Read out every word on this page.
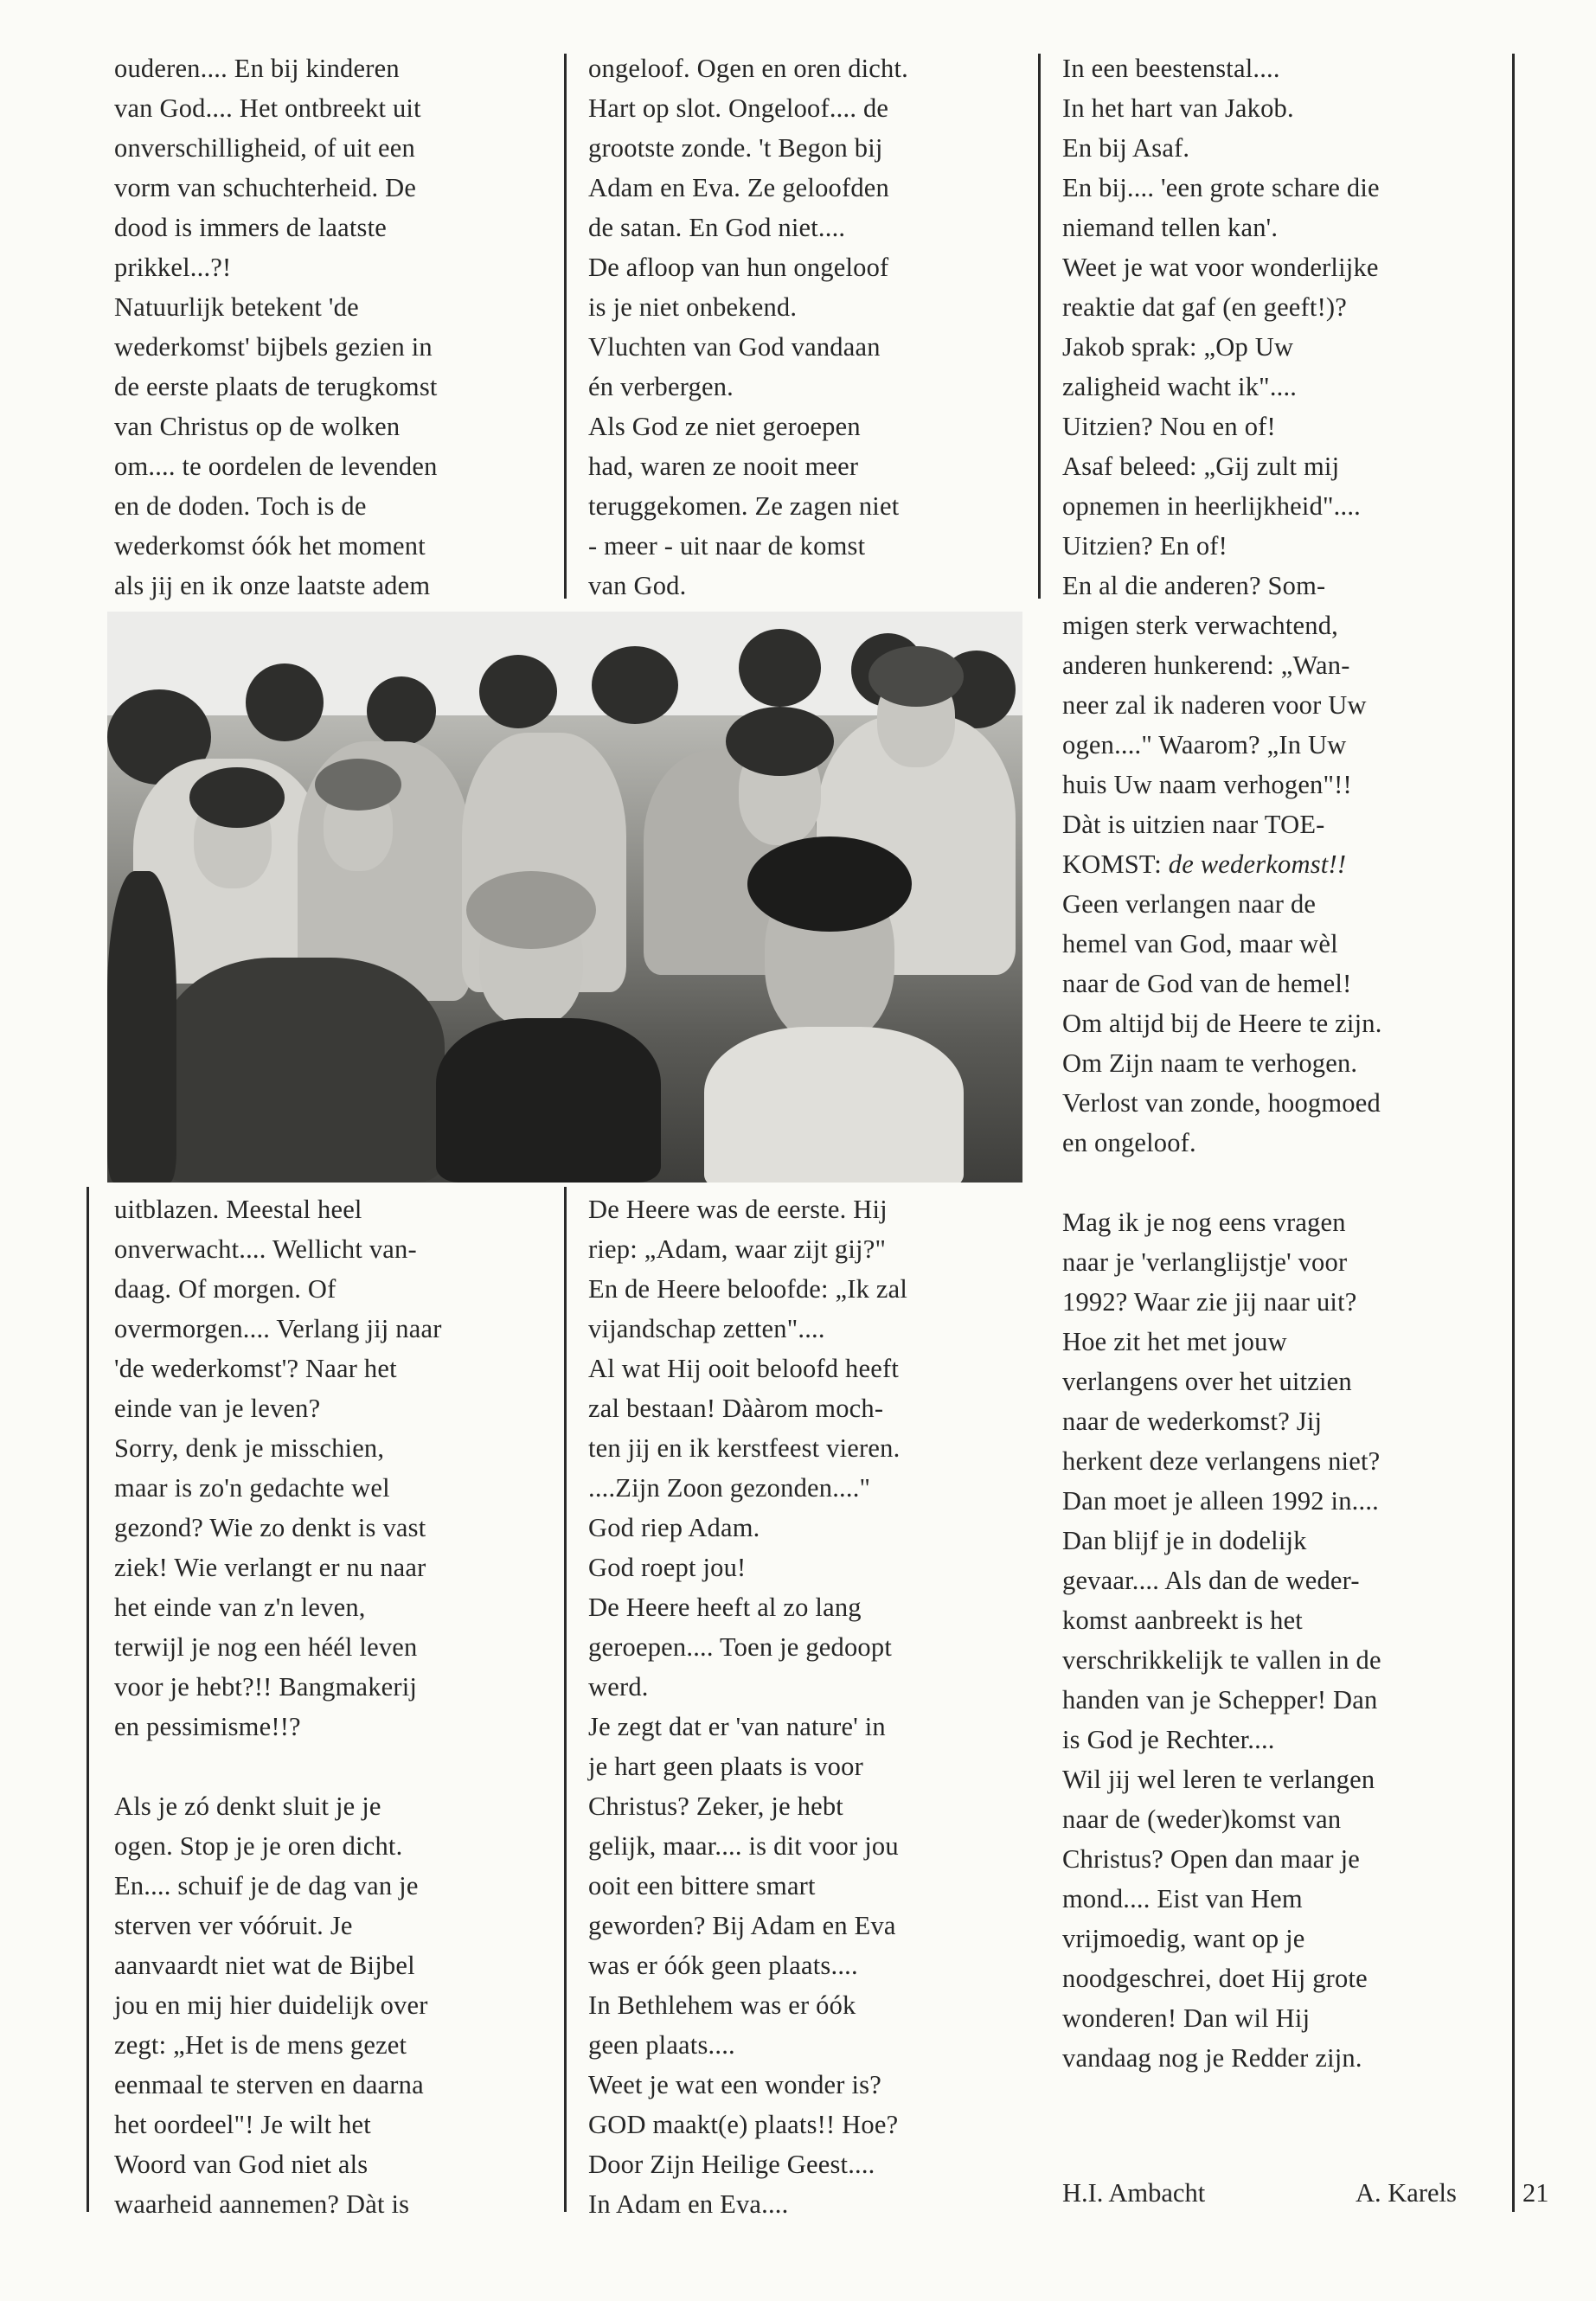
ouderen.... En bij kinderen
van God.... Het ontbreekt uit
onverschilligheid, of uit een
vorm van schuchterheid. De
dood is immers de laatste
prikkel...?!
Natuurlijk betekent 'de
wederkomst' bijbels gezien in
de eerste plaats de terugkomst
van Christus op de wolken
om.... te oordelen de levenden
en de doden. Toch is de
wederkomst óók het moment
als jij en ik onze laatste adem

ongeloof. Ogen en oren dicht.
Hart op slot. Ongeloof.... de
grootste zonde. 't Begon bij
Adam en Eva. Ze geloofden
de satan. En God niet....
De afloop van hun ongeloof
is je niet onbekend.
Vluchten van God vandaan
én verbergen.
Als God ze niet geroepen
had, waren ze nooit meer
teruggekomen. Ze zagen niet
- meer - uit naar de komst
van God.

In een beestenstal....
In het hart van Jakob.
En bij Asaf.
En bij.... 'een grote schare die
niemand tellen kan'.
Weet je wat voor wonderlijke
reaktie dat gaf (en geeft!)?
Jakob sprak: „Op Uw
zaligheid wacht ik"....
Uitzien? Nou en of!
Asaf beleed: „Gij zult mij
opnemen in heerlijkheid"....
Uitzien? En of!
En al die anderen? Som-
migen sterk verwachtend,
anderen hunkerend: „Wan-
neer zal ik naderen voor Uw
ogen...." Waarom? „In Uw
huis Uw naam verhogen"!!
Dàt is uitzien naar TOE-
KOMST: de wederkomst!!

Geen verlangen naar de
hemel van God, maar wèl
naar de God van de hemel!
Om altijd bij de Heere te zijn.
Om Zijn naam te verhogen.
Verlost van zonde, hoogmoed
en ongeloof.

Mag ik je nog eens vragen
naar je 'verlanglijstje' voor
1992? Waar zie jij naar uit?
Hoe zit het met jouw
verlangens over het uitzien
naar de wederkomst? Jij
herkent deze verlangens niet?
Dan moet je alleen 1992 in....
Dan blijf je in dodelijk
gevaar.... Als dan de weder-
komst aanbreekt is het
verschrikkelijk te vallen in de
handen van je Schepper! Dan
is God je Rechter....
Wil jij wel leren te verlangen
naar de (weder)komst van
Christus? Open dan maar je
mond.... Eist van Hem
vrijmoedig, want op je
noodgeschrei, doet Hij grote
wonderen! Dan wil Hij
vandaag nog je Redder zijn.

uitblazen. Meestal heel
onverwacht.... Wellicht van-
daag. Of morgen. Of
overmorgen.... Verlang jij naar
'de wederkomst'? Naar het
einde van je leven?
Sorry, denk je misschien,
maar is zo'n gedachte wel
gezond? Wie zo denkt is vast
ziek! Wie verlangt er nu naar
het einde van z'n leven,
terwijl je nog een héél leven
voor je hebt?!! Bangmakerij
en pessimisme!!?

Als je zó denkt sluit je je
ogen. Stop je je oren dicht.
En.... schuif je de dag van je
sterven ver vóóruit. Je
aanvaardt niet wat de Bijbel
jou en mij hier duidelijk over
zegt: „Het is de mens gezet
eenmaal te sterven en daarna
het oordeel"! Je wilt het
Woord van God niet als
waarheid aannemen? Dàt is

De Heere was de eerste. Hij
riep: „Adam, waar zijt gij?"
En de Heere beloofde: „Ik zal
vijandschap zetten"....
Al wat Hij ooit beloofd heeft
zal bestaan! Dààrom moch-
ten jij en ik kerstfeest vieren.
....Zijn Zoon gezonden...."
God riep Adam.
God roept jou!
De Heere heeft al zo lang
geroepen.... Toen je gedoopt
werd.
Je zegt dat er 'van nature' in
je hart geen plaats is voor
Christus? Zeker, je hebt
gelijk, maar.... is dit voor jou
ooit een bittere smart
geworden? Bij Adam en Eva
was er óók geen plaats....
In Bethlehem was er óók
geen plaats....
Weet je wat een wonder is?
GOD maakt(e) plaats!! Hoe?
Door Zijn Heilige Geest....
In Adam en Eva....	H.I. Ambacht	A. Karels 21
